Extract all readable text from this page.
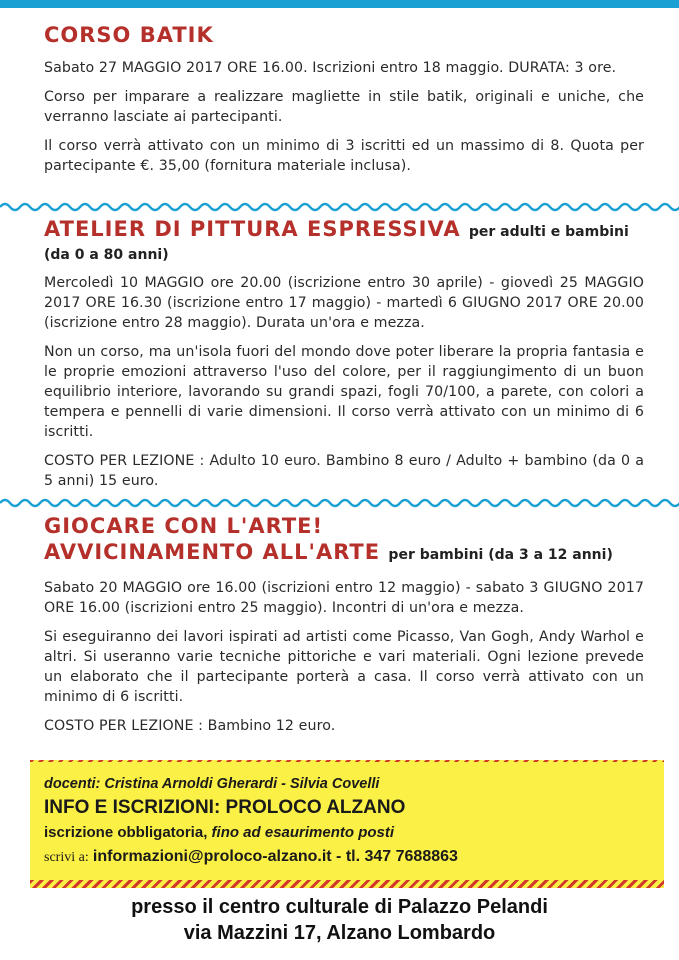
CORSO BATIK

Sabato 27 MAGGIO 2017 ORE 16.00. Iscrizioni entro 18 maggio. DURATA: 3 ore.

Corso per imparare a realizzare magliette in stile batik, originali e uniche, che verranno lasciate ai partecipanti.

Il corso verrà attivato con un minimo di 3 iscritti ed un massimo di 8. Quota per partecipante €. 35,00 (fornitura materiale inclusa).

ATELIER DI PITTURA ESPRESSIVA per adulti e bambini
(da 0 a 80 anni)

Mercoledì 10 MAGGIO ore 20.00 (iscrizione entro 30 aprile) - giovedì 25 MAGGIO 2017 ORE 16.30 (iscrizione entro 17 maggio) - martedì 6 GIUGNO 2017 ORE 20.00 (iscrizione entro 28 maggio). Durata un'ora e mezza.

Non un corso, ma un'isola fuori del mondo dove poter liberare la propria fantasia e le proprie emozioni attraverso l'uso del colore, per il raggiungimento di un buon equilibrio interiore, lavorando su grandi spazi, fogli 70/100, a parete, con colori a tempera e pennelli di varie dimensioni. Il corso verrà attivato con un minimo di 6 iscritti.

COSTO PER LEZIONE : Adulto 10 euro. Bambino 8 euro / Adulto + bambino (da 0 a 5 anni) 15 euro.

GIOCARE CON L'ARTE!
AVVICINAMENTO ALL'ARTE per bambini (da 3 a 12 anni)

Sabato 20 MAGGIO ore 16.00 (iscrizioni entro 12 maggio) - sabato 3 GIUGNO 2017 ORE 16.00 (iscrizioni entro 25 maggio). Incontri di un'ora e mezza.

Si eseguiranno dei lavori ispirati ad artisti come Picasso, Van Gogh, Andy Warhol e altri. Si useranno varie tecniche pittoriche e vari materiali. Ogni lezione prevede un elaborato che il partecipante porterà a casa. Il corso verrà attivato con un minimo di 6 iscritti.

COSTO PER LEZIONE : Bambino 12 euro.

docenti: Cristina Arnoldi Gherardi - Silvia Covelli
INFO E ISCRIZIONI: PROLOCO ALZANO
iscrizione obbligatoria, fino ad esaurimento posti
scrivi a: informazioni@proloco-alzano.it - tl. 347 7688863
presso il centro culturale di Palazzo Pelandi
via Mazzini 17, Alzano Lombardo
